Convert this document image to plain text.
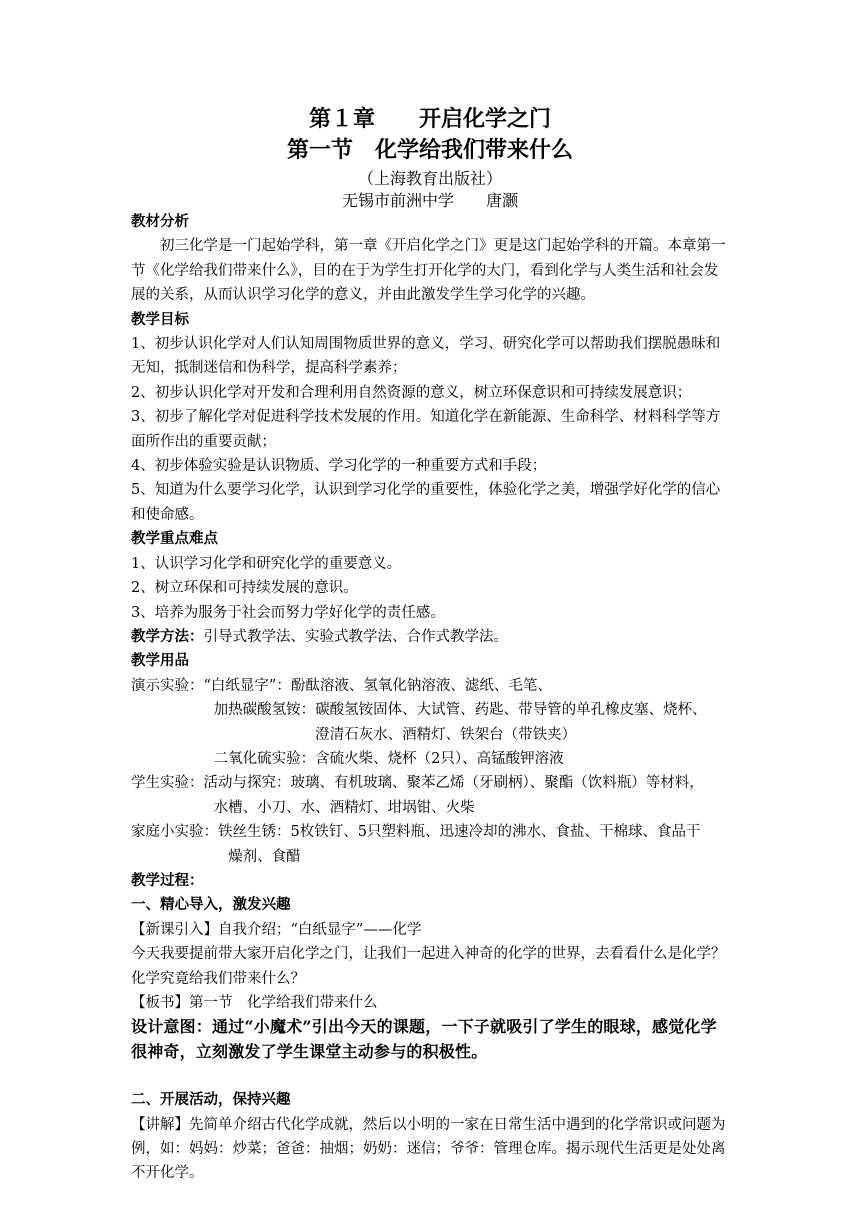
第１章　　开启化学之门
第一节　化学给我们带来什么
（上海教育出版社）
无锡市前洲中学　　唐灏
教材分析
初三化学是一门起始学科，第一章《开启化学之门》更是这门起始学科的开篇。本章第一节《化学给我们带来什么》，目的在于为学生打开化学的大门，看到化学与人类生活和社会发展的关系，从而认识学习化学的意义，并由此激发学生学习化学的兴趣。
教学目标
1、初步认识化学对人们认知周围物质世界的意义，学习、研究化学可以帮助我们摆脱愚昧和无知，抵制迷信和伪科学，提高科学素养；
2、初步认识化学对开发和合理利用自然资源的意义，树立环保意识和可持续发展意识；
3、初步了解化学对促进科学技术发展的作用。知道化学在新能源、生命科学、材料科学等方面所作出的重要贡献；
4、初步体验实验是认识物质、学习化学的一种重要方式和手段；
5、知道为什么要学习化学，认识到学习化学的重要性，体验化学之美，增强学好化学的信心和使命感。
教学重点难点
1、认识学习化学和研究化学的重要意义。
2、树立环保和可持续发展的意识。
3、培养为服务于社会而努力学好化学的责任感。
教学方法：引导式教学法、实验式教学法、合作式教学法。
教学用品
演示实验：“白纸显字”：酚酞溶液、氢氧化钠溶液、滤纸、毛笔、
加热碳酸氢铵：碳酸氢铵固体、大试管、药匙、带导管的单孔橡皮塞、烧杯、
澄清石灰水、酒精灯、铁架台（带铁夹）
二氧化硫实验：含硫火柴、烧杯（2只）、高锰酸钾溶液
学生实验：活动与探究：玻璃、有机玻璃、聚苯乙烯（牙刷柄）、聚酯（饮料瓶）等材料，
水槽、小刀、水、酒精灯、坩埚钳、火柴
家庭小实验：铁丝生锈：5枚铁钉、5只塑料瓶、迅速冷却的沸水、食盐、干棉球、食品干
燥剂、食醋
教学过程：
一、精心导入，激发兴趣
【新课引入】自我介绍；“白纸显字”——化学
今天我要提前带大家开启化学之门，让我们一起进入神奇的化学的世界，去看看什么是化学？化学究竟给我们带来什么？
【板书】第一节　化学给我们带来什么
设计意图：通过“小魔术”引出今天的课题，一下子就吸引了学生的眼球，感觉化学很神奇，立刻激发了学生课堂主动参与的积极性。
二、开展活动，保持兴趣
【讲解】先简单介绍古代化学成就，然后以小明的一家在日常生活中遇到的化学常识或问题为例，如：妈妈：炒菜；爸爸：抽烟；奶奶：迷信；爷爷：管理仓库。揭示现代生活更是处处离不开化学。
